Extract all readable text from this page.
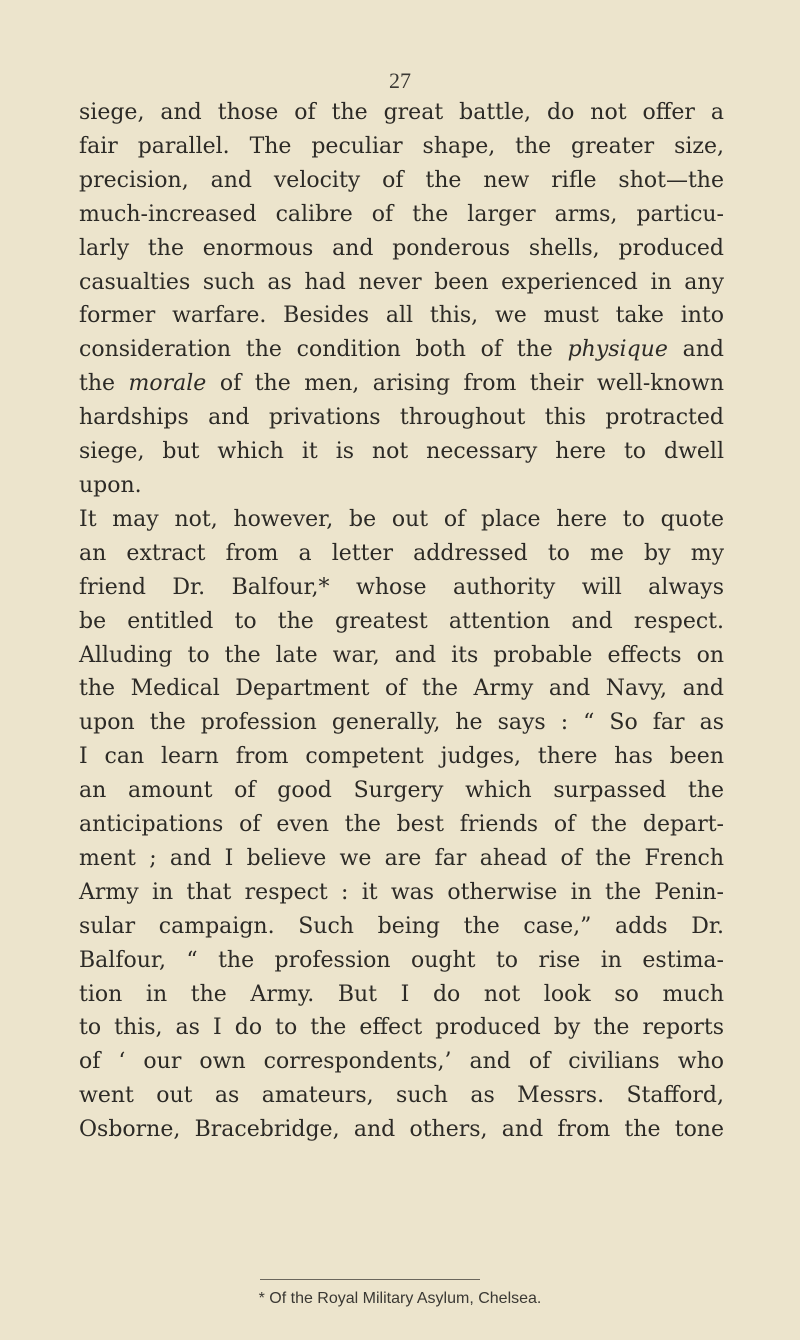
27
siege, and those of the great battle, do not offer a
fair parallel. The peculiar shape, the greater size,
precision, and velocity of the new rifle shot—the
much-increased calibre of the larger arms, particu-
larly the enormous and ponderous shells, produced
casualties such as had never been experienced in any
former warfare. Besides all this, we must take into
consideration the condition both of the physique and
the morale of the men, arising from their well-known
hardships and privations throughout this protracted
siege, but which it is not necessary here to dwell
upon.
It may not, however, be out of place here to quote
an extract from a letter addressed to me by my
friend Dr. Balfour,* whose authority will always
be entitled to the greatest attention and respect.
Alluding to the late war, and its probable effects on
the Medical Department of the Army and Navy, and
upon the profession generally, he says : “ So far as
I can learn from competent judges, there has been
an amount of good Surgery which surpassed the
anticipations of even the best friends of the depart-
ment ; and I believe we are far ahead of the French
Army in that respect : it was otherwise in the Penin-
sular campaign. Such being the case,” adds Dr.
Balfour, “ the profession ought to rise in estima-
tion in the Army. But I do not look so much
to this, as I do to the effect produced by the reports
of ‘ our own correspondents,’ and of civilians who
went out as amateurs, such as Messrs. Stafford,
Osborne, Bracebridge, and others, and from the tone
* Of the Royal Military Asylum, Chelsea.
